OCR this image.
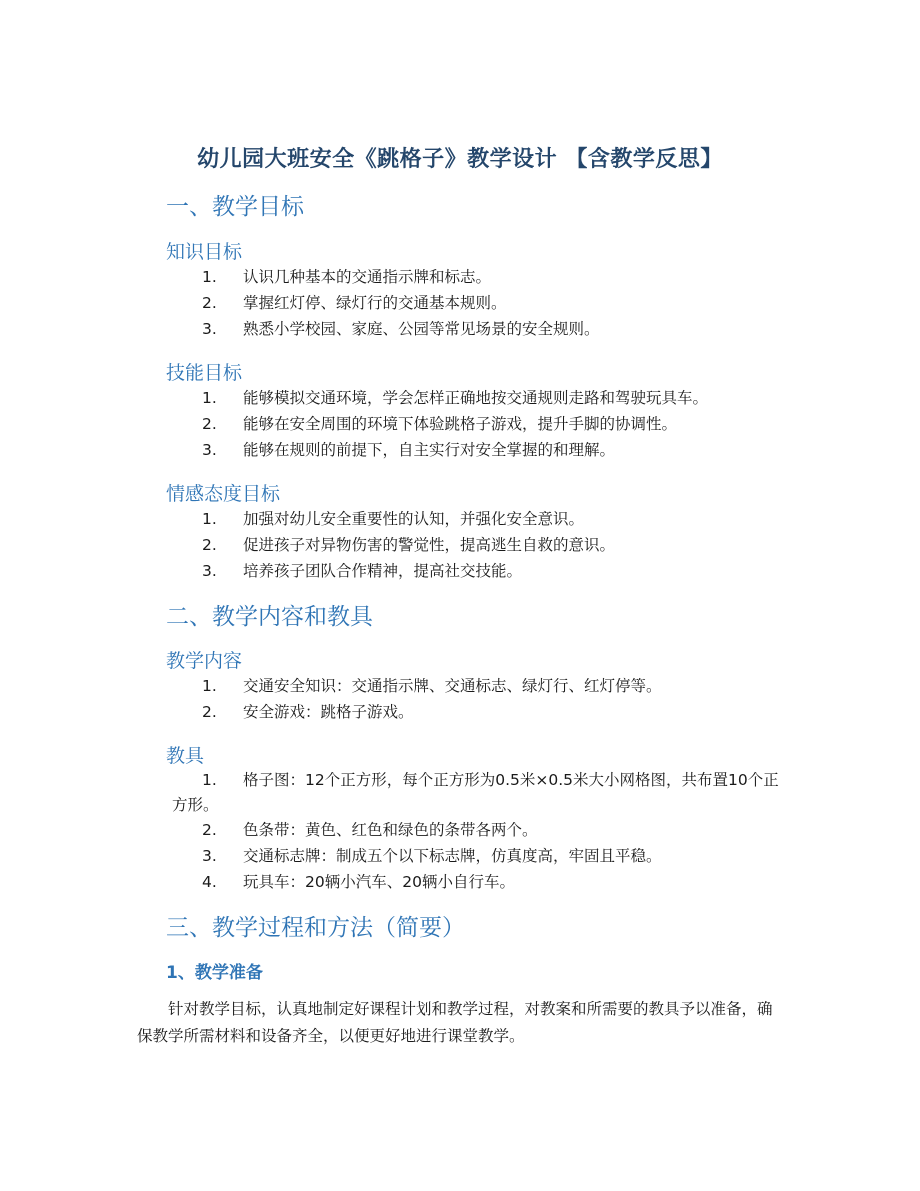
幼儿园大班安全《跳格子》教学设计 【含教学反思】
一、教学目标
知识目标
1. 认识几种基本的交通指示牌和标志。
2. 掌握红灯停、绿灯行的交通基本规则。
3. 熟悉小学校园、家庭、公园等常见场景的安全规则。
技能目标
1. 能够模拟交通环境，学会怎样正确地按交通规则走路和驾驶玩具车。
2. 能够在安全周围的环境下体验跳格子游戏，提升手脚的协调性。
3. 能够在规则的前提下，自主实行对安全掌握的和理解。
情感态度目标
1. 加强对幼儿安全重要性的认知，并强化安全意识。
2. 促进孩子对异物伤害的警觉性，提高逃生自救的意识。
3. 培养孩子团队合作精神，提高社交技能。
二、教学内容和教具
教学内容
1. 交通安全知识：交通指示牌、交通标志、绿灯行、红灯停等。
2. 安全游戏：跳格子游戏。
教具
1.	格子图：12个正方形，每个正方形为0.5米×0.5米大小网格图，共布置10个正方形。
2. 色条带：黄色、红色和绿色的条带各两个。
3. 交通标志牌：制成五个以下标志牌，仿真度高，牢固且平稳。
4. 玩具车：20辆小汽车、20辆小自行车。
三、教学过程和方法（简要）
1、教学准备
针对教学目标，认真地制定好课程计划和教学过程，对教案和所需要的教具予以准备，确保教学所需材料和设备齐全，以便更好地进行课堂教学。
